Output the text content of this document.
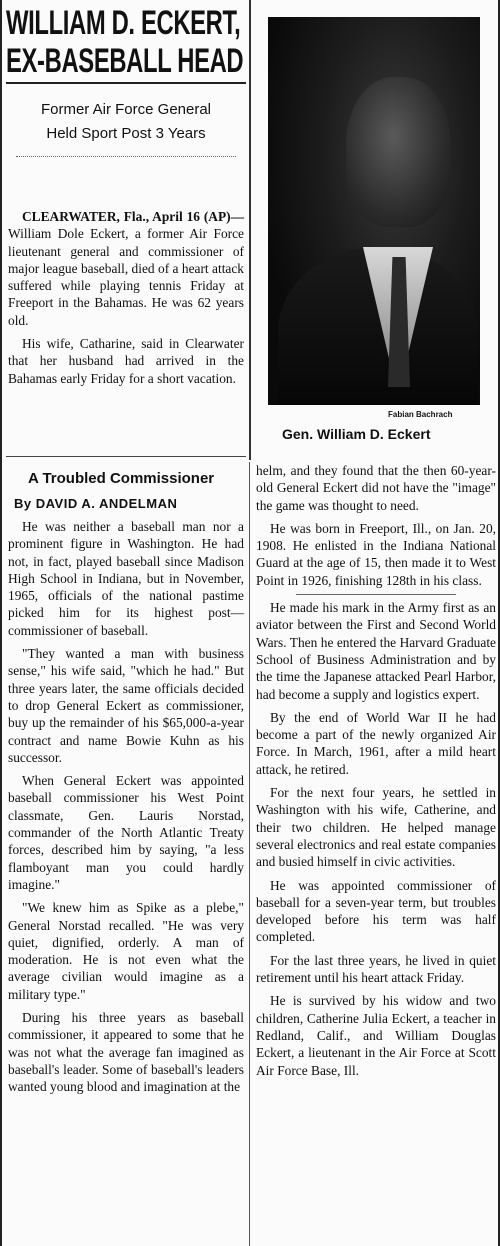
WILLIAM D. ECKERT,
EX-BASEBALL HEAD
Former Air Force General
Held Sport Post 3 Years

CLEARWATER, Fla., April 16 (AP)—William Dole Eckert, a former Air Force lieutenant general and commissioner of major league baseball, died of a heart attack suffered while playing tennis Friday at Freeport in the Bahamas. He was 62 years old.

His wife, Catharine, said in Clearwater that her husband had arrived in the Bahamas early Friday for a short vacation.

A Troubled Commissioner
By DAVID A. ANDELMAN

He was neither a baseball man nor a prominent figure in Washington. He had not, in fact, played baseball since Madison High School in Indiana, but in November, 1965, officials of the national pastime picked him for its highest post—commissioner of baseball.

"They wanted a man with business sense," his wife said, "which he had." But three years later, the same officials decided to drop General Eckert as commissioner, buy up the remainder of his $65,000-a-year contract and name Bowie Kuhn as his successor.

When General Eckert was appointed baseball commissioner his West Point classmate, Gen. Lauris Norstad, commander of the North Atlantic Treaty forces, described him by saying, "a less flamboyant man you could hardly imagine."

"We knew him as Spike as a plebe," General Norstad recalled. "He was very quiet, dignified, orderly. A man of moderation. He is not even what the average civilian would imagine as a military type."

During his three years as baseball commissioner, it appeared to some that he was not what the average fan imagined as baseball's leader. Some of baseball's leaders wanted young blood and imagination at the

Fabian Bachrach
Gen. William D. Eckert

helm, and they found that the then 60-year-old General Eckert did not have the "image" the game was thought to need.

He was born in Freeport, Ill., on Jan. 20, 1908. He enlisted in the Indiana National Guard at the age of 15, then made it to West Point in 1926, finishing 128th in his class.

He made his mark in the Army first as an aviator between the First and Second World Wars. Then he entered the Harvard Graduate School of Business Administration and by the time the Japanese attacked Pearl Harbor, had become a supply and logistics expert.

By the end of World War II he had become a part of the newly organized Air Force. In March, 1961, after a mild heart attack, he retired.

For the next four years, he settled in Washington with his wife, Catherine, and their two children. He helped manage several electronics and real estate companies and busied himself in civic activities.

He was appointed commissioner of baseball for a seven-year term, but troubles developed before his term was half completed.

For the last three years, he lived in quiet retirement until his heart attack Friday.

He is survived by his widow and two children, Catherine Julia Eckert, a teacher in Redland, Calif., and William Douglas Eckert, a lieutenant in the Air Force at Scott Air Force Base, Ill.
